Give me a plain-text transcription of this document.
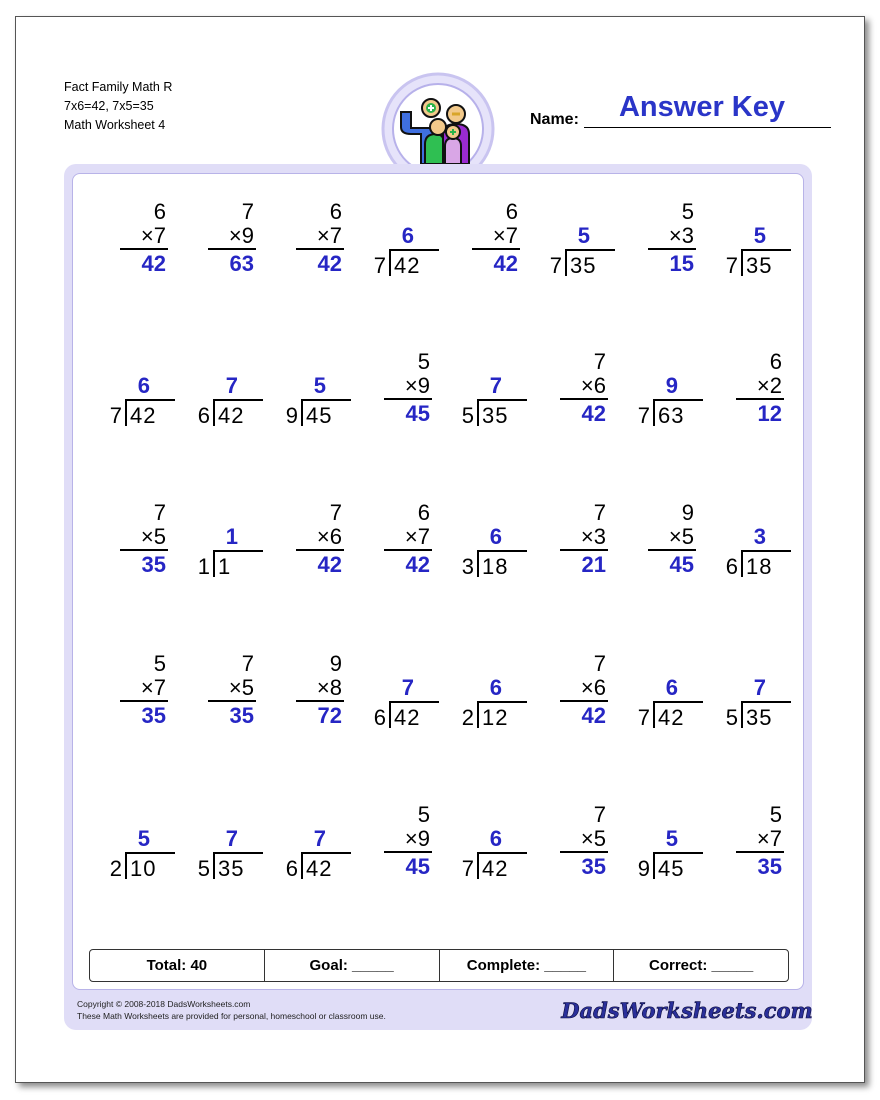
Fact Family Math R
7x6=42, 7x5=35
Math Worksheet 4	Name:	Answer Key
6
×7
42
7
×9
63
6
×7
42
6
7 42
6
×7
42
5
7 35
5
×3
15
5
7 35
6
7 42
7
6 42
5
9 45
5
×9
45
7
5 35
7
×6
42
9
7 63
6
×2
12
7
×5
35
1
1 1
7
×6
42
6
×7
42
6
3 18
7
×3
21
9
×5
45
3
6 18
5
×7
35
7
×5
35
9
×8
72
7
6 42
6
2 12
7
×6
42
6
7 42
7
5 35
5
2 10
7
5 35
7
6 42
5
×9
45
6
7 42
7
×5
35
5
9 45
5
×7
35
Total: 40	Goal: _____	Complete: _____	Correct: _____
Copyright © 2008-2018 DadsWorksheets.com
These Math Worksheets are provided for personal, homeschool or classroom use.	DadsWorksheets.com
